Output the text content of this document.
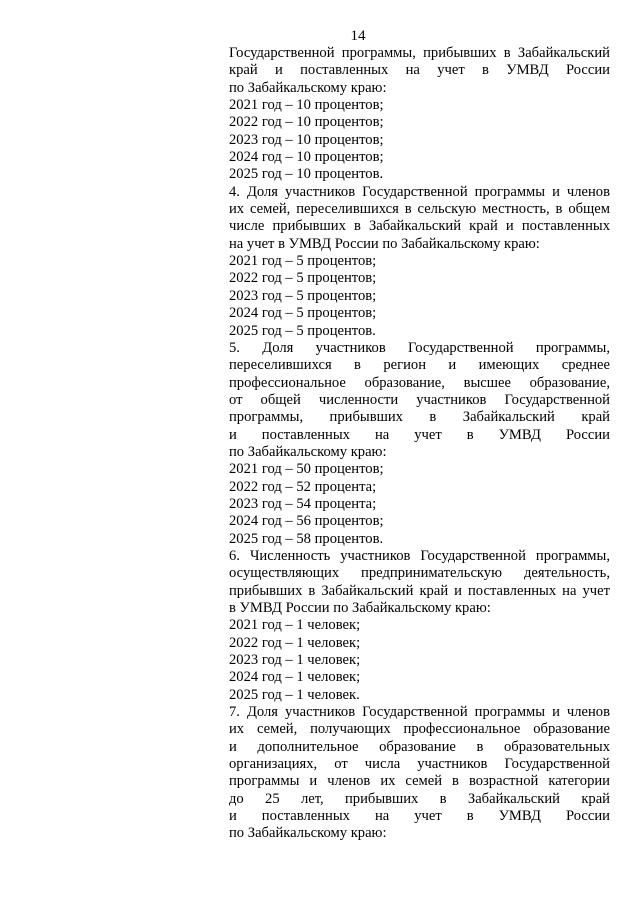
14
Государственной программы, прибывших в Забайкальский
край и поставленных на учет в УМВД России
по Забайкальскому краю:
2021 год – 10 процентов;
2022 год – 10 процентов;
2023 год – 10 процентов;
2024 год – 10 процентов;
2025 год – 10 процентов.
4. Доля участников Государственной программы и членов
их семей, переселившихся в сельскую местность, в общем
числе прибывших в Забайкальский край и поставленных
на учет в УМВД России по Забайкальскому краю:
2021 год – 5 процентов;
2022 год – 5 процентов;
2023 год – 5 процентов;
2024 год – 5 процентов;
2025 год – 5 процентов.
5. Доля участников Государственной программы,
переселившихся в регион и имеющих среднее
профессиональное образование, высшее образование,
от общей численности участников Государственной
программы, прибывших в Забайкальский край
и поставленных на учет в УМВД России
по Забайкальскому краю:
2021 год – 50 процентов;
2022 год – 52 процента;
2023 год – 54 процента;
2024 год – 56 процентов;
2025 год – 58 процентов.
6. Численность участников Государственной программы,
осуществляющих предпринимательскую деятельность,
прибывших в Забайкальский край и поставленных на учет
в УМВД России по Забайкальскому краю:
2021 год – 1 человек;
2022 год – 1 человек;
2023 год – 1 человек;
2024 год – 1 человек;
2025 год – 1 человек.
7. Доля участников Государственной программы и членов
их семей, получающих профессиональное образование
и дополнительное образование в образовательных
организациях, от числа участников Государственной
программы и членов их семей в возрастной категории
до 25 лет, прибывших в Забайкальский край
и поставленных на учет в УМВД России
по Забайкальскому краю:
